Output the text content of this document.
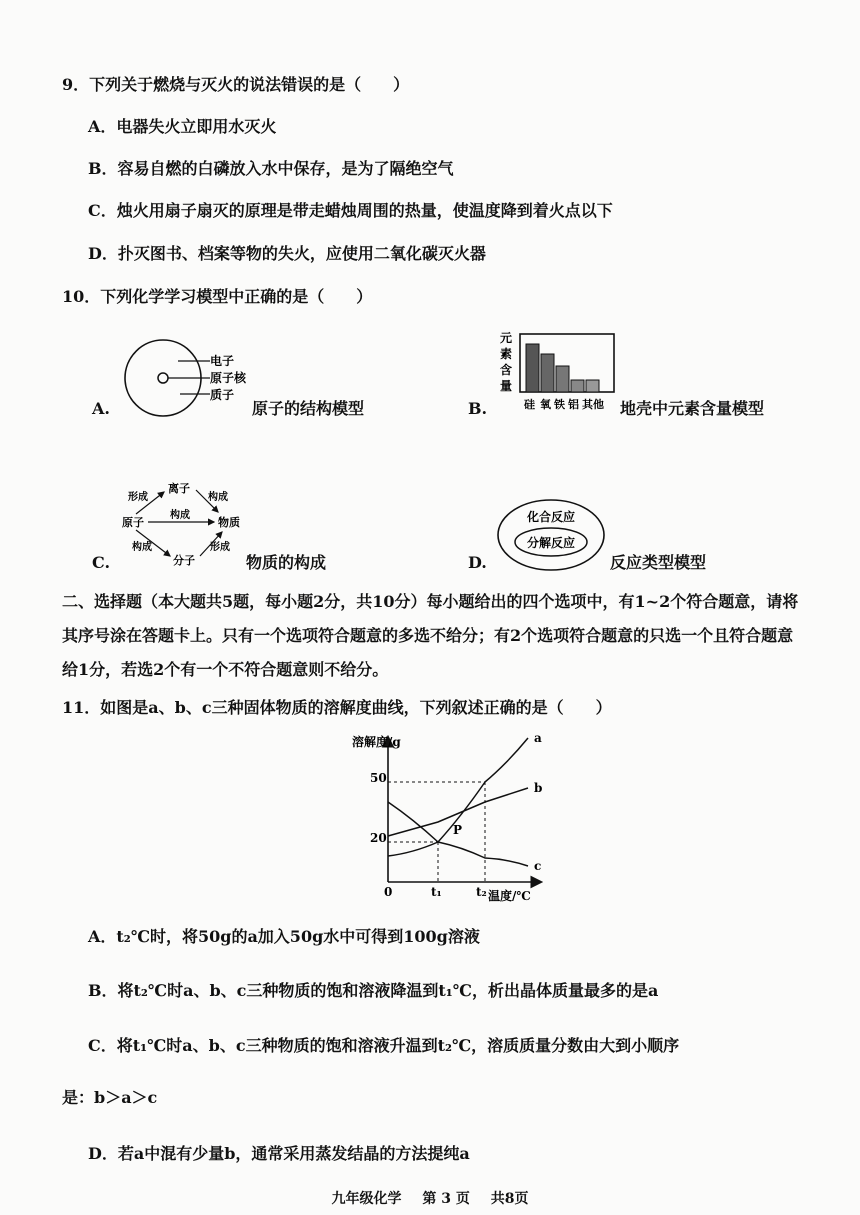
9．下列关于燃烧与灭火的说法错误的是（　　）
A．电器失火立即用水灭火
B．容易自燃的白磷放入水中保存，是为了隔绝空气
C．烛火用扇子扇灭的原理是带走蜡烛周围的热量，使温度降到着火点以下
D．扑灭图书、档案等物的失火，应使用二氧化碳灭火器
10．下列化学学习模型中正确的是（　　）
A.
电子
原子核
质子
原子的结构模型	B.
元
素
含
量
硅 氧 铁 铝 其他 地壳中元素含量模型
C.
离子
原子	物质
分子
形成	构成
构成
构成	形成
物质的构成	D.
化合反应
分解反应
反应类型模型
二、选择题（本大题共5题，每小题2分，共10分）每小题给出的四个选项中，有1~2个符合题意，请将其序号涂在答题卡上。只有一个选项符合题意的多选不给分；有2个选项符合题意的只选一个且符合题意给1分，若选2个有一个不符合题意则不给分。
11．如图是a、b、c三种固体物质的溶解度曲线，下列叙述正确的是（　　）
溶解度/g
50
20
0	t₁	t₂ 温度/℃
a
b
c
P
A．t₂℃时，将50g的a加入50g水中可得到100g溶液
B．将t₂℃时a、b、c三种物质的饱和溶液降温到t₁℃，析出晶体质量最多的是a
C．将t₁℃时a、b、c三种物质的饱和溶液升温到t₂℃，溶质质量分数由大到小顺序
是：b＞a＞c
D．若a中混有少量b，通常采用蒸发结晶的方法提纯a
九年级化学 第 3 页 共8页
